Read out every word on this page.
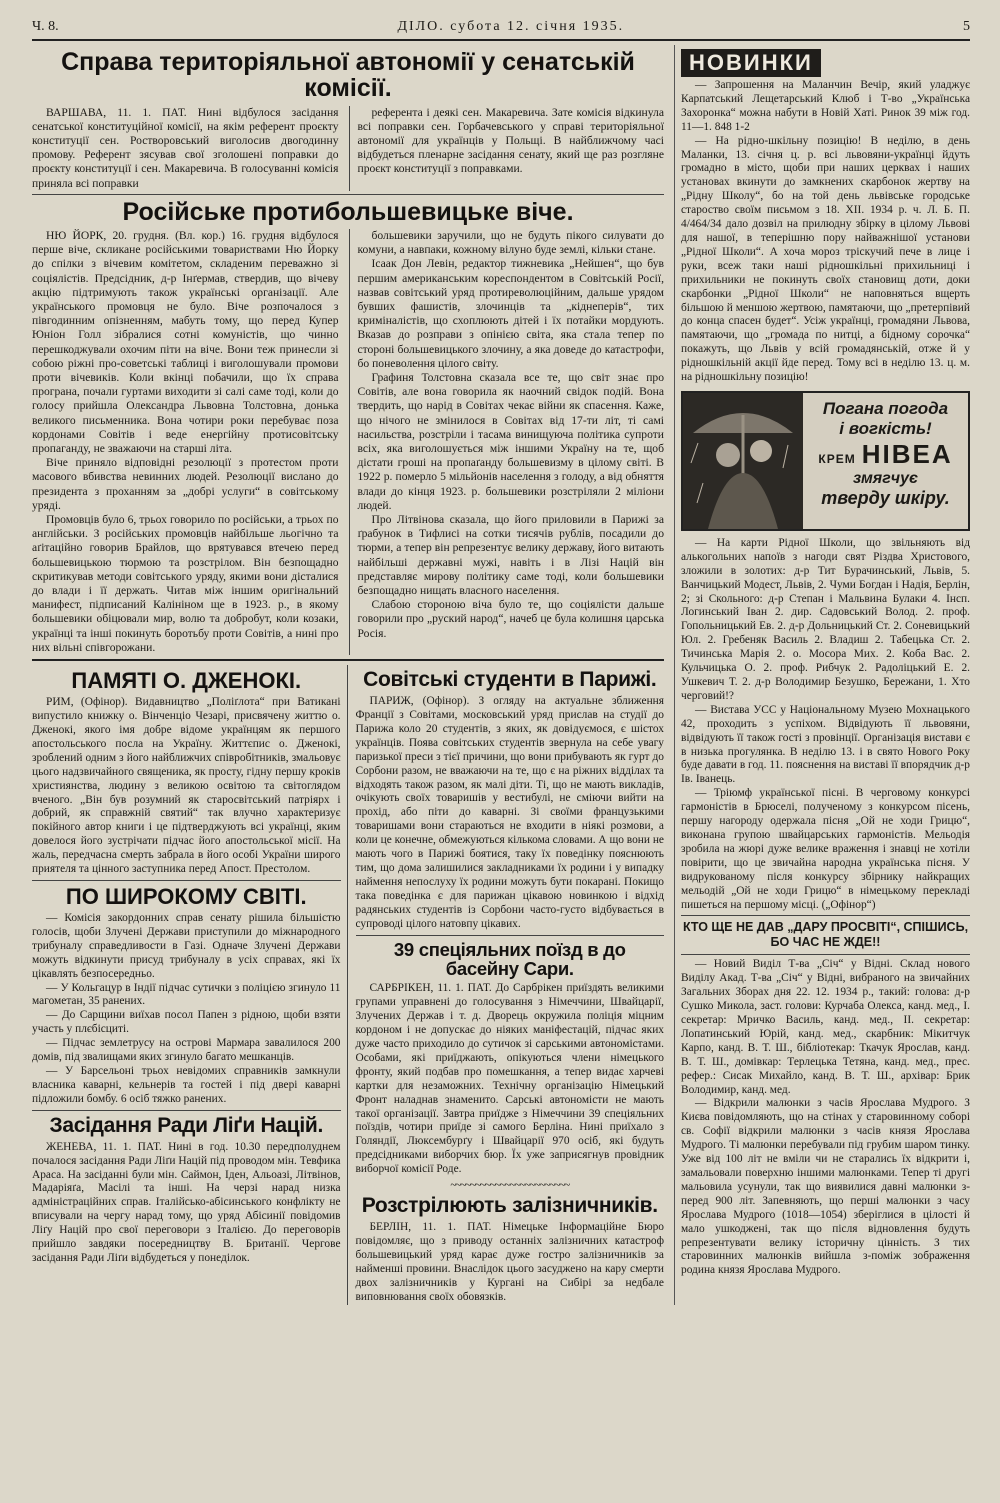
Ч. 8.	ДІЛО. субота 12. січня 1935.	5
Справа територіяльної автономії у сенатській комісії.

ВАРШАВА, 11. 1. ПАТ. Нині відбулося засідання сенатської конституційної комісії, на якім референт проєкту конституції сен. Ростворовський виголосив двогодинну промову. Референт зясував свої зголошені поправки до проєкту конституції і сен. Макаревича. В голосуванні комісія приняла всі поправки

референта і деякі сен. Макаревича. Зате комісія відкинула всі поправки сен. Горбачевського у справі територіяльної автономії для українців у Польщі. В найближчому часі відбудеться пленарне засідання сенату, який ще раз розгляне проєкт конституції з поправками.

Російське протибольшевицьке віче.

НЮ ЙОРК, 20. грудня. (Вл. кор.) 16. грудня відбулося перше віче, скликане російськими товариствами Ню Йорку до спілки з вічевим комітетом, складеним переважно зі соціялістів. Предсідник, д-р Інґермав, ствердив, що вічеву акцію підтримують також українські організації. Але українського промовця не було. Віче розпочалося з півгодинним опізненням, мабуть тому, що перед Купер Юніон Голл зібралися сотні комуністів, що чинно перешкоджували охочим піти на віче. Вони теж принесли зі собою ріжні про-советські таблиці і виголошували промови проти вічевиків. Коли вкінці побачили, що їх справа програна, почали гуртами виходити зі салі саме тоді, коли до голосу прийшла Олександра Львовна Толстовна, донька великого письменника. Вона чотири роки перебуває поза кордонами Совітів і веде енергійну протисовітську пропаганду, не зважаючи на старші літа.

Віче приняло відповідні резолюції з протестом проти масового вбивства невинних людей. Резолюції вислано до президента з проханням за „добрі услуги“ в совітському уряді.

Промовців було 6, трьох говорило по російськи, а трьох по англійськи. З російських промовців найбільше льогічно та аґітаційно говорив Брайлов, що врятувався втечею перед большевицькою тюрмою та розстрілом. Він безпощадно скритикував методи совітського уряду, якими вони дісталися до влади і її держать. Читав між іншим оригінальний манифест, підписаний Калініном ще в 1923. р., в якому большевики обіцювали мир, волю та добробут, коли козаки, українці та інші покинуть боротьбу проти Совітів, а нині про них вільні співгорожани.

большевики заручили, що не будуть пікого силувати до комуни, а навпаки, кожному вілуно буде землі, кільки стане.

Ісаак Дон Левін, редактор тижневика „Нейшен“, що був першим американським кореспондентом в Совітській Росії, назвав совітський уряд протиреволюційним, дальше урядом бувших фашистів, злочинців та „кіднеперів“, тих криміналістів, що схоплюють дітей і їх потайки мордують. Вказав до розправи з опінією світа, яка стала тепер по стороні большевицького злочину, а яка доведе до катастрофи, бо поневолення цілого світу.

Графиня Толстовна сказала все те, що світ знає про Совітів, але вона говорила як наочний свідок подій. Вона твердить, що нарід в Совітах чекає війни як спасення. Каже, що нічого не змінилося в Совітах від 17-ти літ, ті самі насильства, розстріли і тасама винищуюча політика супроти всіх, яка виголошується між іншими Україну на те, щоб дістати гроші на пропаґанду большевизму в цілому світі. В 1922 р. померло 5 мільйонів населення з голоду, а від обняття влади до кінця 1923. р. большевики розстріляли 2 міліони людей.

Про Літвінова сказала, що його приловили в Парижі за ґрабунок в Тифлисі на сотки тисячів рублів, посадили до тюрми, а тепер він репрезентує велику державу, його витають найбільші державні мужі, навіть і в Лізі Націй він представляє мирову політику саме тоді, коли большевики безпощадно нищать власного населення.

Слабою стороною віча було те, що соціялісти дальше говорили про „руский народ“, начеб це була колишня царська Росія.

ПАМЯТІ О. ДЖЕНОКІ.

РИМ, (Офінор). Видавництво „Поліґлота“ при Ватикані випустило книжку о. Вінченціо Чезарі, присвячену життю о. Дженокі, якого імя добре відоме українцям як першого апостольського посла на Україну. Життєпис о. Дженокі, зроблений одним з його найближчих співробітників, змальовує цього надзвичайного священика, як просту, гідну першу кроків християнства, людину з великою освітою та світоглядом вченого. „Він був розумний як старосвітський патріярх і добрий, як справжній святий“ так влучно характеризує покійного автор книги і це підтверджують всі українці, яким довелося його зустрічати підчас його апостольської місії. На жаль, передчасна смерть забрала в його особі України широго приятеля та цінного заступника перед Апост. Престолом.

ПО ШИРОКОМУ СВІТІ.

— Комісія закордонних справ сенату рішила більшістю голосів, щоби Злучені Держави приступили до міжнародного трибуналу справедливости в Газі. Одначе Злучені Держави можуть відкинути присуд трибуналу в усіх справах, які їх цікавлять безпосередньо.

— У Кольгацур в Індії підчас сутички з поліцією згинуло 11 магометан, 35 ранених.

— До Сарщини виїхав посол Папен з рідною, щоби взяти участь у плєбісциті.

— Підчас землетрусу на острові Мармара завалилося 200 домів, під звалищами яких згинуло багато мешканців.

— У Барсельоні трьох невідомих справників замкнули власника каварні, кельнерів та гостей і під двері каварні підложили бомбу. 6 осіб тяжко ранених.

Засідання Ради Ліґи Націй.

ЖЕНЕВА, 11. 1. ПАТ. Нині в год. 10.30 передполуднем почалося засідання Ради Ліґи Націй під проводом мін. Тевфика Араса. На засіданні були мін. Саймон, Іден, Альоазі, Літвінов, Мадаріяґа, Масілі та інші. На черзі нарад низка адміністраційних справ. Італійсько-абісинського конфлікту не вписували на чергу нарад тому, що уряд Абісинії повідомив Ліґу Націй про свої переговори з Італією. До переговорів прийшло завдяки посередництву В. Британії. Чергове засідання Ради Ліґи відбудеться у понеділок.

Совітські студенти в Парижі.

ПАРИЖ, (Офінор). З огляду на актуальне зближення Франції з Совітами, московський уряд прислав на студії до Парижа коло 20 студентів, з яких, як довідуємося, є шістох українців. Поява совітських студентів звернула на себе увагу паризької преси з тієї причини, що вони прибувають як гурт до Сорбони разом, не вважаючи на те, що є на ріжних відділах та відходять також разом, як малі діти. Ті, що не мають викладів, очікують своїх товаришів у вестибулі, не сміючи вийти на прохід, або піти до каварні. Зі своїми французькими товаришами вони стараються не входити в ніякі розмови, а коли це конечне, обмежуються кількома словами. А що вони не мають чого в Парижі боятися, таку їх поведінку пояснюють тим, що дома залишилися закладниками їх родини і у випадку наймення непослуху їх родини можуть бути покарані. Покищо така поведінка є для парижан цікавою новинкою і відхід радянських студентів із Сорбони часто-густо відбувається в супроводі цілого натовпу цікавих.

39 спеціяльних поїзд в до басейну Сари.

САРБРІКЕН, 11. 1. ПАТ. До Сарбрікен приїздять великими групами управнені до голосування з Німеччини, Швайцарії, Злучених Держав і т. д. Дворець окружила поліція міцним кордоном і не допускає до ніяких маніфестацій, підчас яких дуже часто приходило до сутичок зі сарськими автономістами. Особами, які приїджають, опікуються члени німецького фронту, який подбав про помешкання, а тепер видає харчеві картки для незаможних. Технічну організацію Німецький Фронт наладнав знаменито. Сарські автономісти не мають такої організації. Завтра приїдже з Німеччини 39 спеціяльних поїздів, чотири приїде зі самого Берліна. Нині приїхало з Голяндії, Люксембурґу і Швайцарії 970 осіб, які будуть предсідниками виборчих бюр. Їх уже заприсягнув провідник виборчої комісії Роде.

~~~~~~~~~~~~~~~~~~~~~~~~
Розстрілюють залізничників.

БЕРЛІН, 11. 1. ПАТ. Німецьке Інформаційне Бюро повідомляє, що з приводу останніх залізничних катастроф большевицький уряд карає дуже гостро залізничників за найменші провини. Внаслідок цього засуджено на кару смерти двох залізничників у Кургані на Сибірі за недбале виповнювання своїх обовязків.

НОВИНКИ

— Запрошення на Маланчин Вечір, який уладжує Карпатський Лещетарський Клюб і Т-во „Українська Захоронка“ можна набути в Новій Хаті. Ринок 39 між год. 11—1. 848 1-2

— На рідно-шкільну позицію! В неділю, в день Маланки, 13. січня ц. р. всі львовяни-українці йдуть громадно в місто, щоби при наших церквах і наших установах вкинути до замкнених скарбонок жертву на „Рідну Школу“, бо на той день львівське городське староство своїм письмом з 18. XII. 1934 р. ч. Л. Б. П. 4/464/34 дало дозвіл на прилюдну збірку в цілому Львові для нашої, в теперішню пору найважнішої установи „Рідної Школи“. А хоча мороз тріскучий пече в лице і руки, всеж таки наші рідношкільні прихильниці і прихильники не покинуть своїх становищ доти, доки скарбонки „Рідної Школи“ не наповняться вщерть більшою й меншою жертвою, памятаючи, що „претерпівий до конца спасен будет“. Усіж українці, громадяни Львова, памятаючи, що „громада по нитці, а бідному сорочка“ покажуть, що Львів у всій громадянській, отже й у рідношкільній акції йде перед. Тому всі в неділю 13. ц. м. на рідношкільну позицію!

Погана погода
і вогкість!
КРЕМ НІВЕА
змягчує
тверду шкіру.

— На карти Рідної Школи, що звільняють від алькогольних напоїв з нагоди свят Різдва Христового, зложили в золотих: д-р Тит Бурачинський, Львів, 5. Ванчицький Модест, Львів, 2. Чуми Богдан і Надія, Берлін, 2; зі Скольного: д-р Степан і Мальвина Булаки 4. Інсп. Логинський Іван 2. дир. Садовський Волод. 2. проф. Гопольницький Ев. 2. д-р Дольницький Ст. 2. Соневицький Юл. 2. Гребеняк Василь 2. Владиш 2. Табецька Ст. 2. Тичинська Марія 2. о. Мосора Мих. 2. Коба Вас. 2. Кульчицька О. 2. проф. Рибчук 2. Радоліцький Е. 2. Ушкевич Т. 2. д-р Володимир Безушко, Бережани, 1. Хто черговий!?

— Вистава УСС у Національному Музею Мохнацького 42, проходить з успіхом. Відвідують її львовяни, відвідують її також гості з провінції. Організація вистави є в низька прогулянка. В неділю 13. і в свято Нового Року буде давати в год. 11. пояснення на виставі її впорядчик д-р Ів. Іванець.

— Тріюмф української пісні. В черговому конкурсі гармоністів в Брюселі, полученому з конкурсом пісень, першу нагороду одержала пісня „Ой не ходи Грицю“, виконана групою швайцарських гармоністів. Мельодія зробила на жюрі дуже велике враження і знавці не хотіли повірити, що це звичайна народна українська пісня. У видрукованому після конкурсу збірнику найкращих мельодій „Ой не ходи Грицю“ в німецькому перекладі пишеться на першому місці. („Офінор“)

КТО ЩЕ НЕ ДАВ „ДАРУ ПРОСВІТІ“, СПІШИСЬ, БО ЧАС НЕ ЖДЕ!!

— Новий Виділ Т-ва „Січ“ у Відні. Склад нового Виділу Акад. Т-ва „Січ“ у Відні, вибраного на звичайних Загальних Зборах дня 22. 12. 1934 р., такий: голова: д-р Сушко Микола, заст. голови: Курчаба Олекса, канд. мед., І. секретар: Мричко Василь, канд. мед., II. секретар: Лопатинський Юрій, канд. мед., скарбник: Мікитчук Карпо, канд. В. Т. Ш., бібліотекар: Ткачук Ярослав, канд. В. Т. Ш., домівкар: Терлецька Тетяна, канд. мед., прес. рефер.: Сисак Михайло, канд. В. Т. Ш., архівар: Брик Володимир, канд. мед.

— Відкрили малюнки з часів Ярослава Мудрого. З Києва повідомляють, що на стінах у старовинному соборі св. Софії відкрили малюнки з часів князя Ярослава Мудрого. Ті малюнки перебували під грубим шаром тинку. Уже від 100 літ не вміли чи не старались їх відкрити і, замальовали поверхню іншими малюнками. Тепер ті другі мальовила усунули, так що виявилися давні малюнки з-перед 900 літ. Запевняють, що перші малюнки з часу Ярослава Мудрого (1018—1054) зберіглися в цілості й мало ушкоджені, так що після відновлення будуть репрезентувати велику історичну цінність. З тих старовинних малюнків вийшла з-поміж зображення родина князя Ярослава Мудрого.
